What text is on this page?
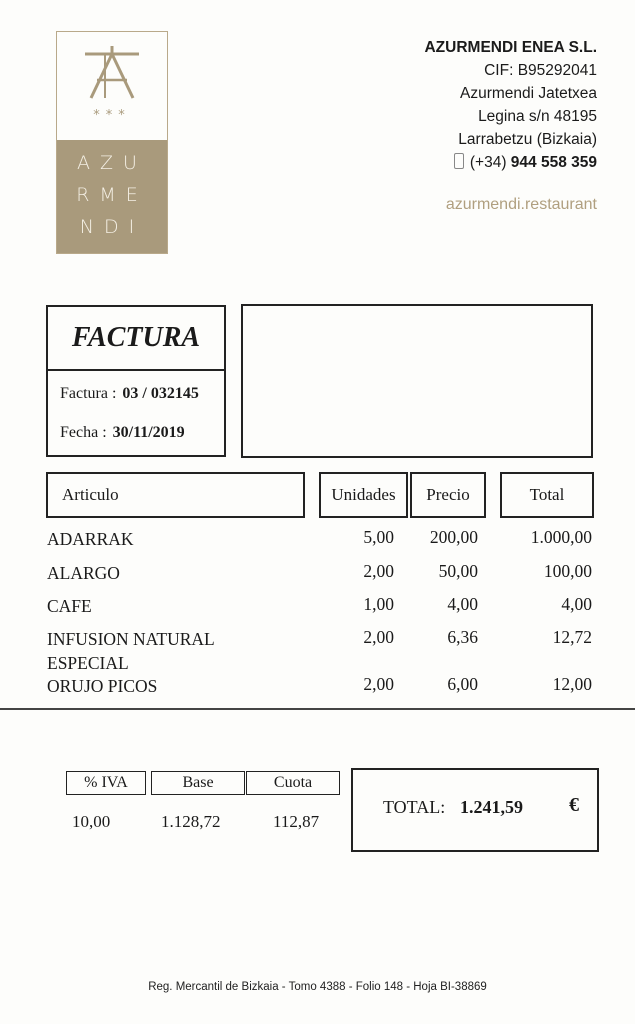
***
AZU
RME
NDI
AZURMENDI ENEA S.L.
CIF: B95292041
Azurmendi Jatetxea
Legina s/n 48195
Larrabetzu (Bizkaia)
(+34) 944 558 359
azurmendi.restaurant
FACTURA
Factura : 03 / 032145
Fecha : 30/11/2019
Articulo	Unidades	Precio	Total
ADARRAK	5,00 200,00	1.000,00
ALARGO	2,00	50,00	100,00
CAFE	1,00	4,00	4,00
INFUSION NATURAL
ESPECIAL
2,00	6,36	12,72
ORUJO PICOS	2,00	6,00	12,00
% IVA	Base	Cuota
10,00	1.128,72	112,87
TOTAL: 1.241,59 €
Reg. Mercantil de Bizkaia - Tomo 4388 - Folio 148 - Hoja BI-38869
